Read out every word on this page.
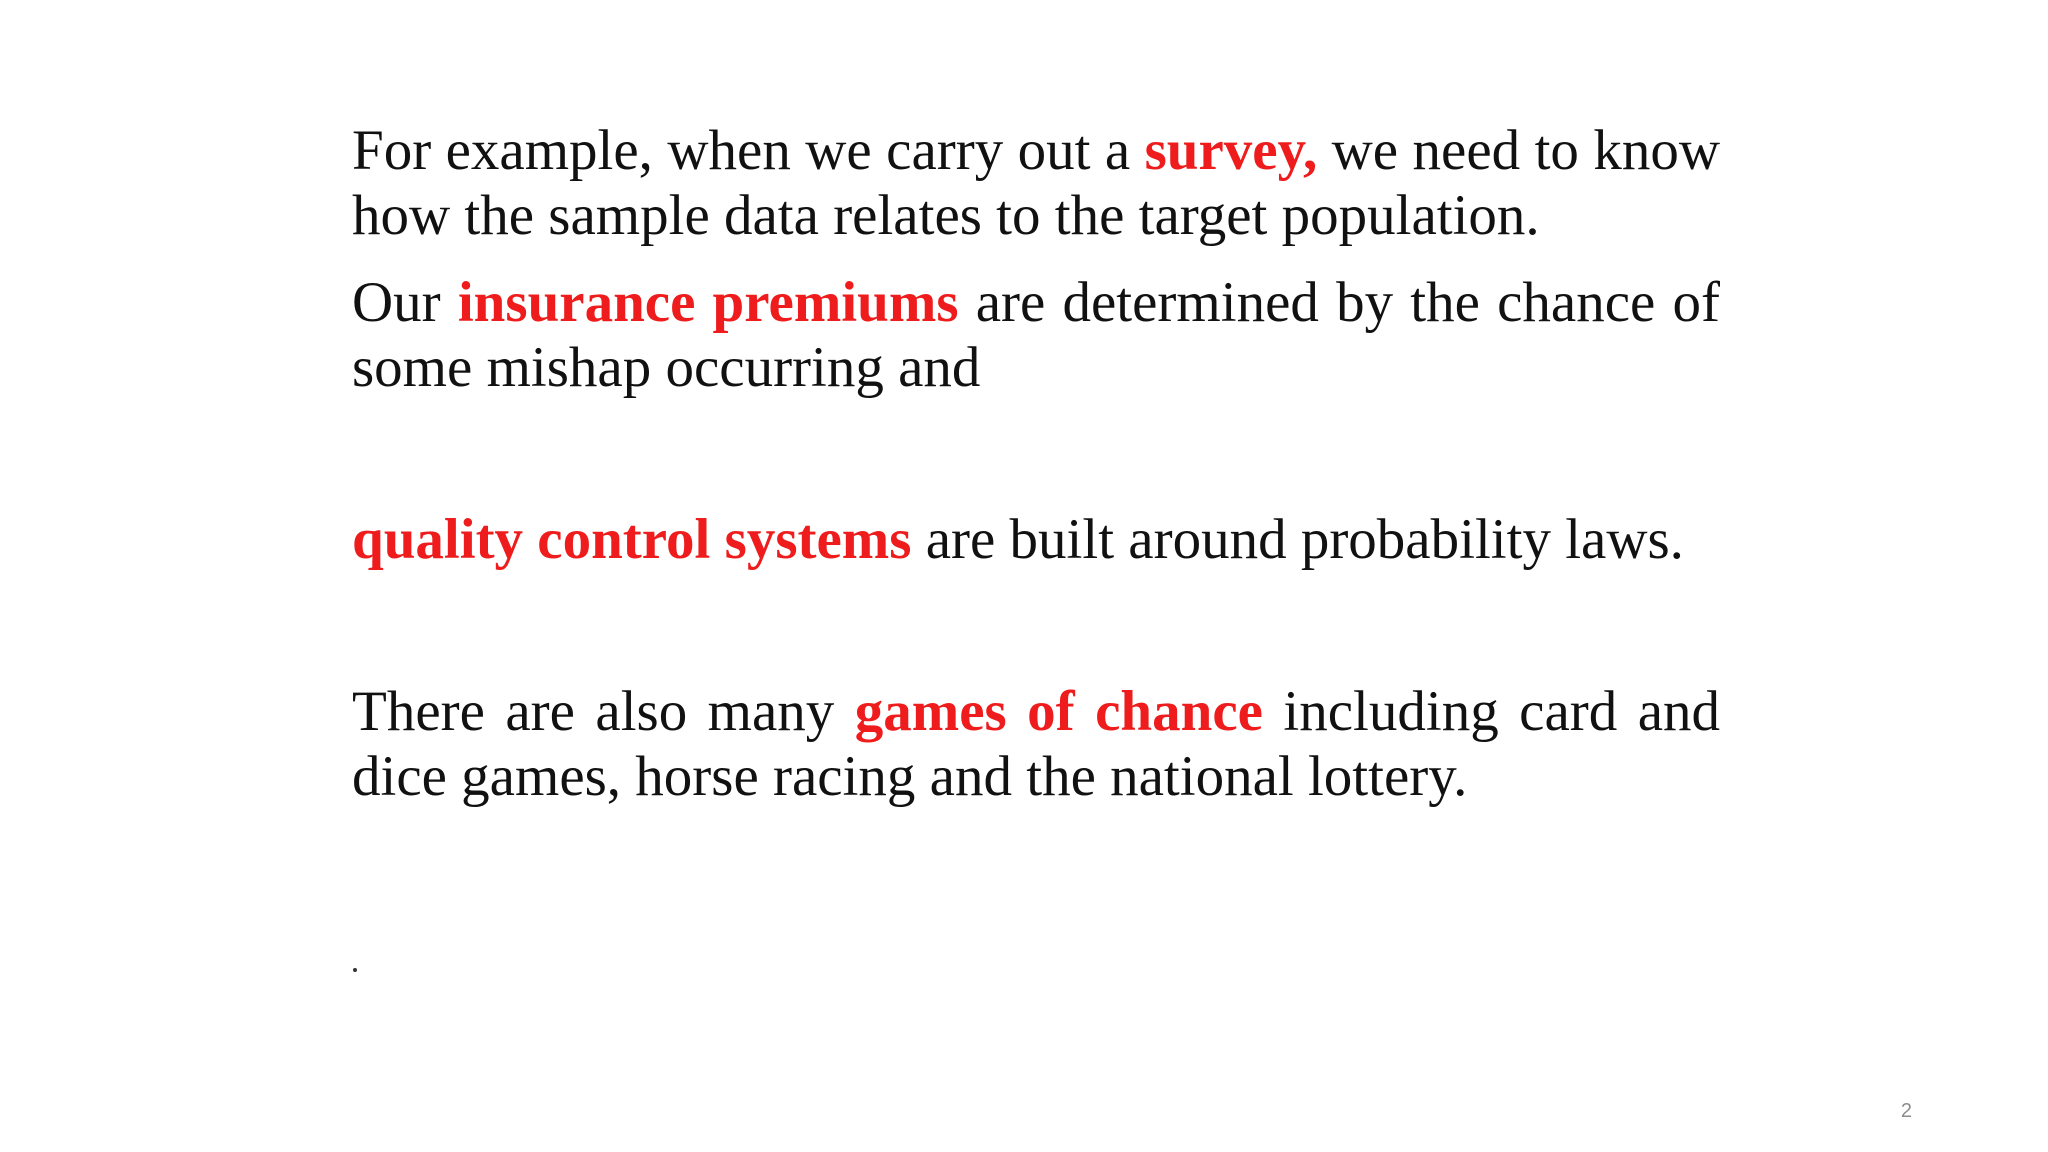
For example, when we carry out a survey, we need to know how the sample data relates to the target population.

Our insurance premiums are determined by the chance of some mishap occurring and

quality control systems are built around probability laws.

There are also many games of chance including card and dice games, horse racing and the national lottery.

2
